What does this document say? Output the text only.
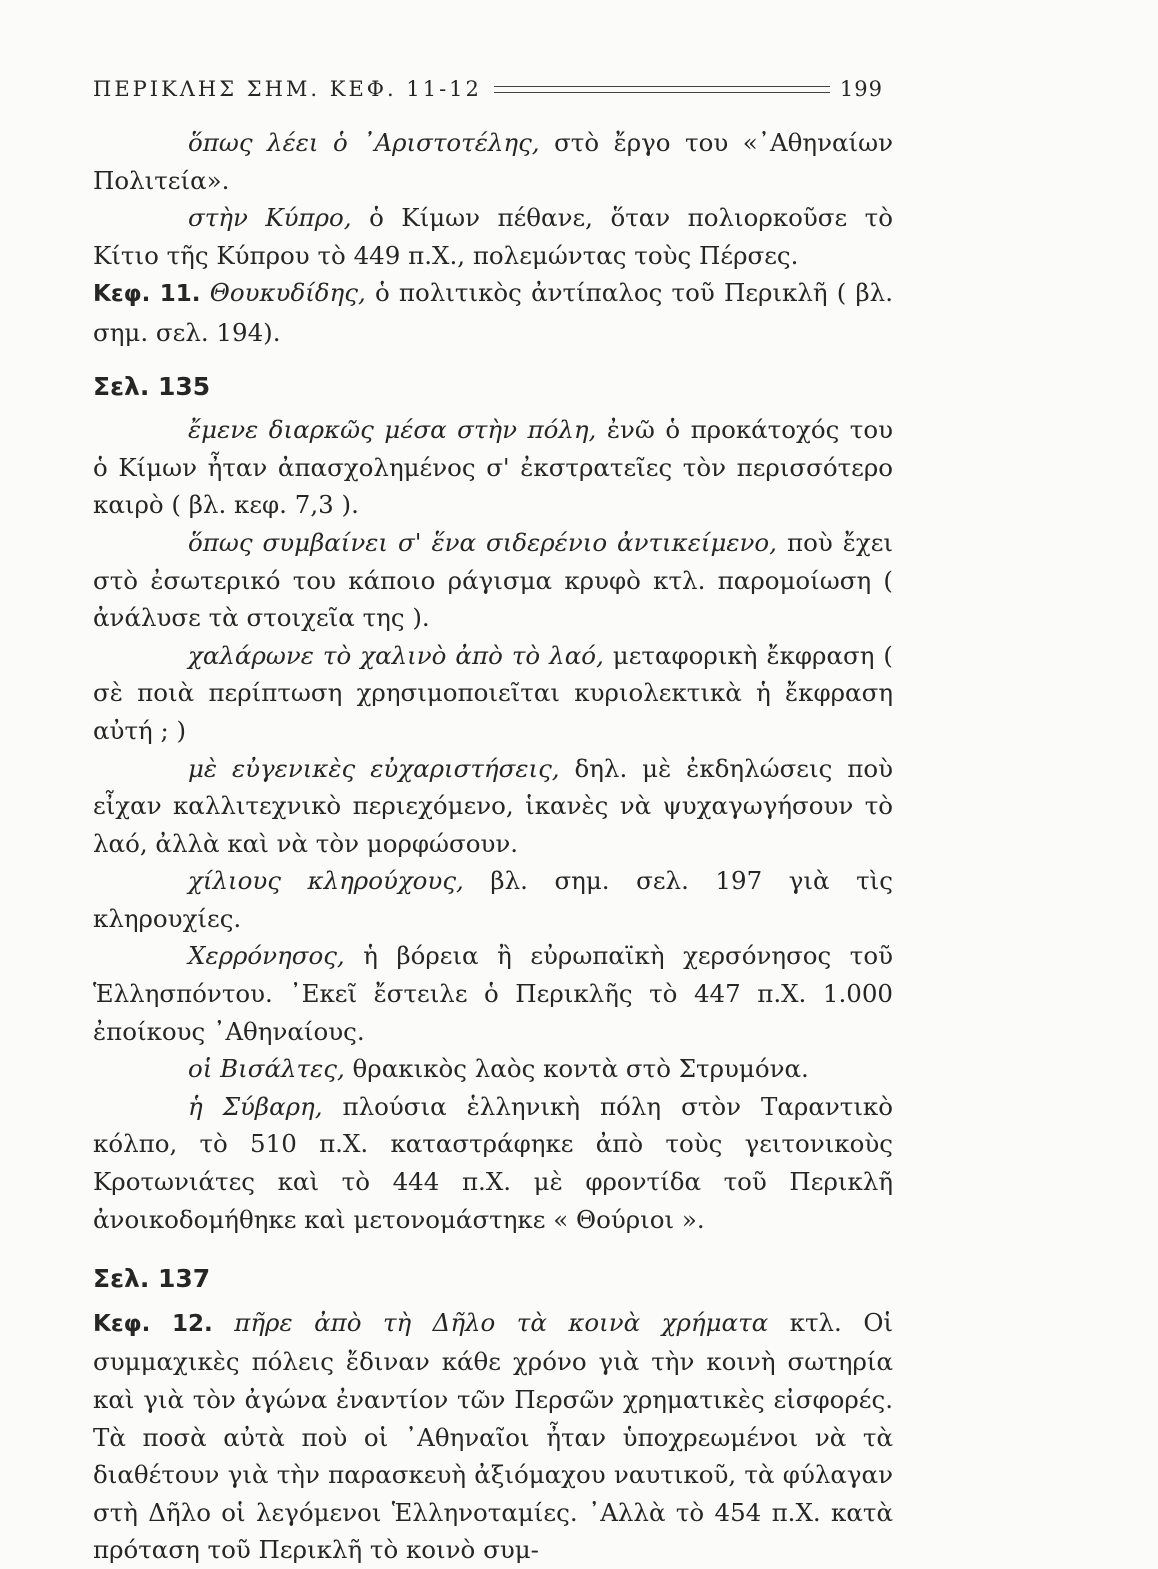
ΠΕΡΙΚΛΗΣ ΣΗΜ. ΚΕΦ. 11-12	199

ὅπως λέει ὁ ᾿Αριστοτέλης, στὸ ἔργο του «᾿Αθηναίων Πολιτεία».

στὴν Κύπρο, ὁ Κίμων πέθανε, ὅταν πολιορκοῦσε τὸ Κίτιο τῆς Κύπρου τὸ 449 π.Χ., πολεμώντας τοὺς Πέρσες.

Κεφ. 11. Θουκυδίδης, ὁ πολιτικὸς ἀντίπαλος τοῦ Περικλῆ ( βλ. σημ. σελ. 194).

Σελ. 135

ἔμενε διαρκῶς μέσα στὴν πόλη, ἐνῶ ὁ προκάτοχός του ὁ Κίμων ἦταν ἀπασχολημένος σ' ἐκστρατεῖες τὸν περισσότερο καιρὸ ( βλ. κεφ. 7,3 ).

ὅπως συμβαίνει σ' ἕνα σιδερένιο ἀντικείμενο, ποὺ ἔχει στὸ ἐσωτερικό του κάποιο ράγισμα κρυφὸ κτλ. παρομοίωση ( ἀνάλυσε τὰ στοιχεῖα της ).

χαλάρωνε τὸ χαλινὸ ἀπὸ τὸ λαό, μεταφορικὴ ἔκφραση ( σὲ ποιὰ περίπτωση χρησιμοποιεῖται κυριολεκτικὰ ἡ ἔκφραση αὐτή ; )

μὲ εὐγενικὲς εὐχαριστήσεις, δηλ. μὲ ἐκδηλώσεις ποὺ εἶχαν καλλιτεχνικὸ περιεχόμενο, ἱκανὲς νὰ ψυχαγωγήσουν τὸ λαό, ἀλλὰ καὶ νὰ τὸν μορφώσουν.

χίλιους κληρούχους, βλ. σημ. σελ. 197 γιὰ τὶς κληρουχίες.

Χερρόνησος, ἡ βόρεια ἢ εὐρωπαϊκὴ χερσόνησος τοῦ Ἑλλησπόντου. ᾿Εκεῖ ἔστειλε ὁ Περικλῆς τὸ 447 π.Χ. 1.000 ἐποίκους ᾿Αθηναίους.

οἱ Βισάλτες, θρακικὸς λαὸς κοντὰ στὸ Στρυμόνα.

ἡ Σύβαρη, πλούσια ἑλληνικὴ πόλη στὸν Ταραντικὸ κόλπο, τὸ 510 π.Χ. καταστράφηκε ἀπὸ τοὺς γειτονικοὺς Κροτωνιάτες καὶ τὸ 444 π.Χ. μὲ φροντίδα τοῦ Περικλῆ ἀνοικοδομήθηκε καὶ μετονομάστηκε « Θούριοι ».

Σελ. 137

Κεφ. 12. πῆρε ἀπὸ τὴ Δῆλο τὰ κοινὰ χρήματα κτλ. Οἱ συμμαχικὲς πόλεις ἔδιναν κάθε χρόνο γιὰ τὴν κοινὴ σωτηρία καὶ γιὰ τὸν ἀγώνα ἐναντίον τῶν Περσῶν χρηματικὲς εἰσφορές. Τὰ ποσὰ αὐτὰ ποὺ οἱ ᾿Αθηναῖοι ἦταν ὑποχρεωμένοι νὰ τὰ διαθέτουν γιὰ τὴν παρασκευὴ ἀξιόμαχου ναυτικοῦ, τὰ φύλαγαν στὴ Δῆλο οἱ λεγόμενοι Ἑλληνοταμίες. ᾿Αλλὰ τὸ 454 π.Χ. κατὰ πρόταση τοῦ Περικλῆ τὸ κοινὸ συμ-
